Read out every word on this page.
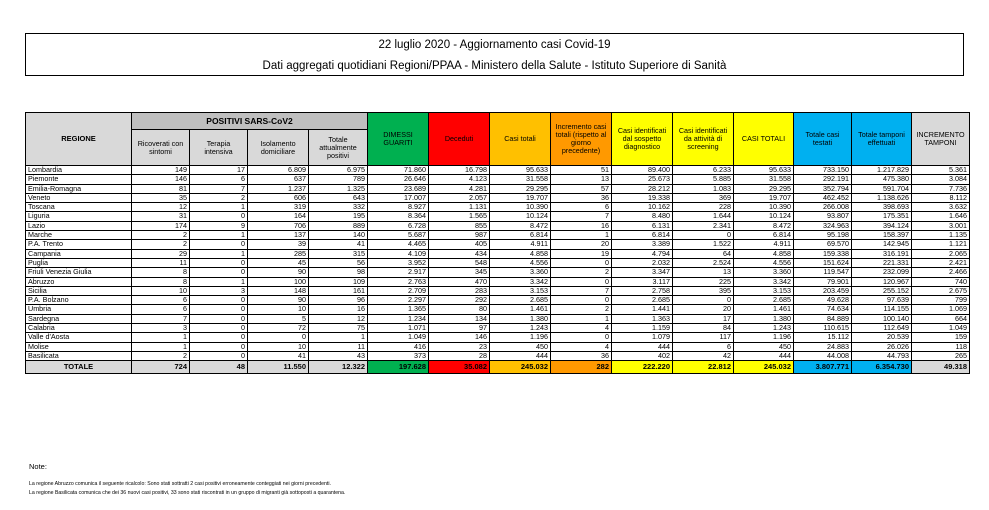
22 luglio 2020 - Aggiornamento casi Covid-19
Dati aggregati quotidiani Regioni/PPAA - Ministero della Salute - Istituto Superiore di Sanità
REGIONE	POSITIVI SARS-CoV2				DIMESSI GUARITI	Deceduti	Casi totali	Incremento casi totali (rispetto al giorno precedente)	Casi identificati dal sospetto diagnostico	Casi identificati da attività di screening	CASI TOTALI	Totale casi testati	Totale tamponi effettuati	INCREMENTO TAMPONI
	Ricoverati con sintomi	Terapia intensiva	Isolamento domiciliare	Totale attualmente positivi										
Lombardia	149	17	6.809	6.975	71.860	16.798	95.633	51	89.400	6.233	95.633	733.150	1.217.829	5.361
Piemonte	146	6	637	789	26.646	4.123	31.558	13	25.673	5.885	31.558	292.191	475.380	3.084
Emilia-Romagna	81	7	1.237	1.325	23.689	4.281	29.295	57	28.212	1.083	29.295	352.794	591.704	7.736
Veneto	35	2	606	643	17.007	2.057	19.707	36	19.338	369	19.707	462.452	1.138.626	8.112
Toscana	12	1	319	332	8.927	1.131	10.390	6	10.162	228	10.390	266.008	398.693	3.632
Liguria	31	0	164	195	8.364	1.565	10.124	7	8.480	1.644	10.124	93.807	175.351	1.646
Lazio	174	9	706	889	6.728	855	8.472	16	6.131	2.341	8.472	324.963	394.124	3.001
Marche	2	1	137	140	5.687	987	6.814	1	6.814	0	6.814	95.198	158.397	1.135
P.A. Trento	2	0	39	41	4.465	405	4.911	20	3.389	1.522	4.911	69.570	142.945	1.121
Campania	29	1	285	315	4.109	434	4.858	19	4.794	64	4.858	159.338	316.191	2.065
Puglia	11	0	45	56	3.952	548	4.556	0	2.032	2.524	4.556	151.624	221.331	2.421
Friuli Venezia Giulia	8	0	90	98	2.917	345	3.360	2	3.347	13	3.360	119.547	232.099	2.466
Abruzzo	8	1	100	109	2.763	470	3.342	0	3.117	225	3.342	79.901	120.967	740
Sicilia	10	3	148	161	2.709	283	3.153	7	2.758	395	3.153	203.459	255.152	2.675
P.A. Bolzano	6	0	90	96	2.297	292	2.685	0	2.685	0	2.685	49.628	97.639	799
Umbria	6	0	10	16	1.365	80	1.461	2	1.441	20	1.461	74.634	114.155	1.069
Sardegna	7	0	5	12	1.234	134	1.380	1	1.363	17	1.380	84.889	100.140	664
Calabria	3	0	72	75	1.071	97	1.243	4	1.159	84	1.243	110.615	112.649	1.049
Valle d'Aosta	1	0	0	1	1.049	146	1.196	0	1.079	117	1.196	15.112	20.539	159
Molise	1	0	10	11	416	23	450	4	444	6	450	24.883	26.026	118
Basilicata	2	0	41	43	373	28	444	36	402	42	444	44.008	44.793	265
TOTALE	724	48	11.550	12.322	197.628	35.082	245.032	282	222.220	22.812	245.032	3.807.771	6.354.730	49.318
Note:
La regione Abruzzo comunica il seguente ricalcolo: Sono stati sottratti 2 casi positivi erroneamente conteggiati nei giorni precedenti.
La regione Basilicata comunica che dei 36 nuovi casi positivi, 33 sono stati riscontrati in un gruppo di migranti già sottoposti a quarantena.
